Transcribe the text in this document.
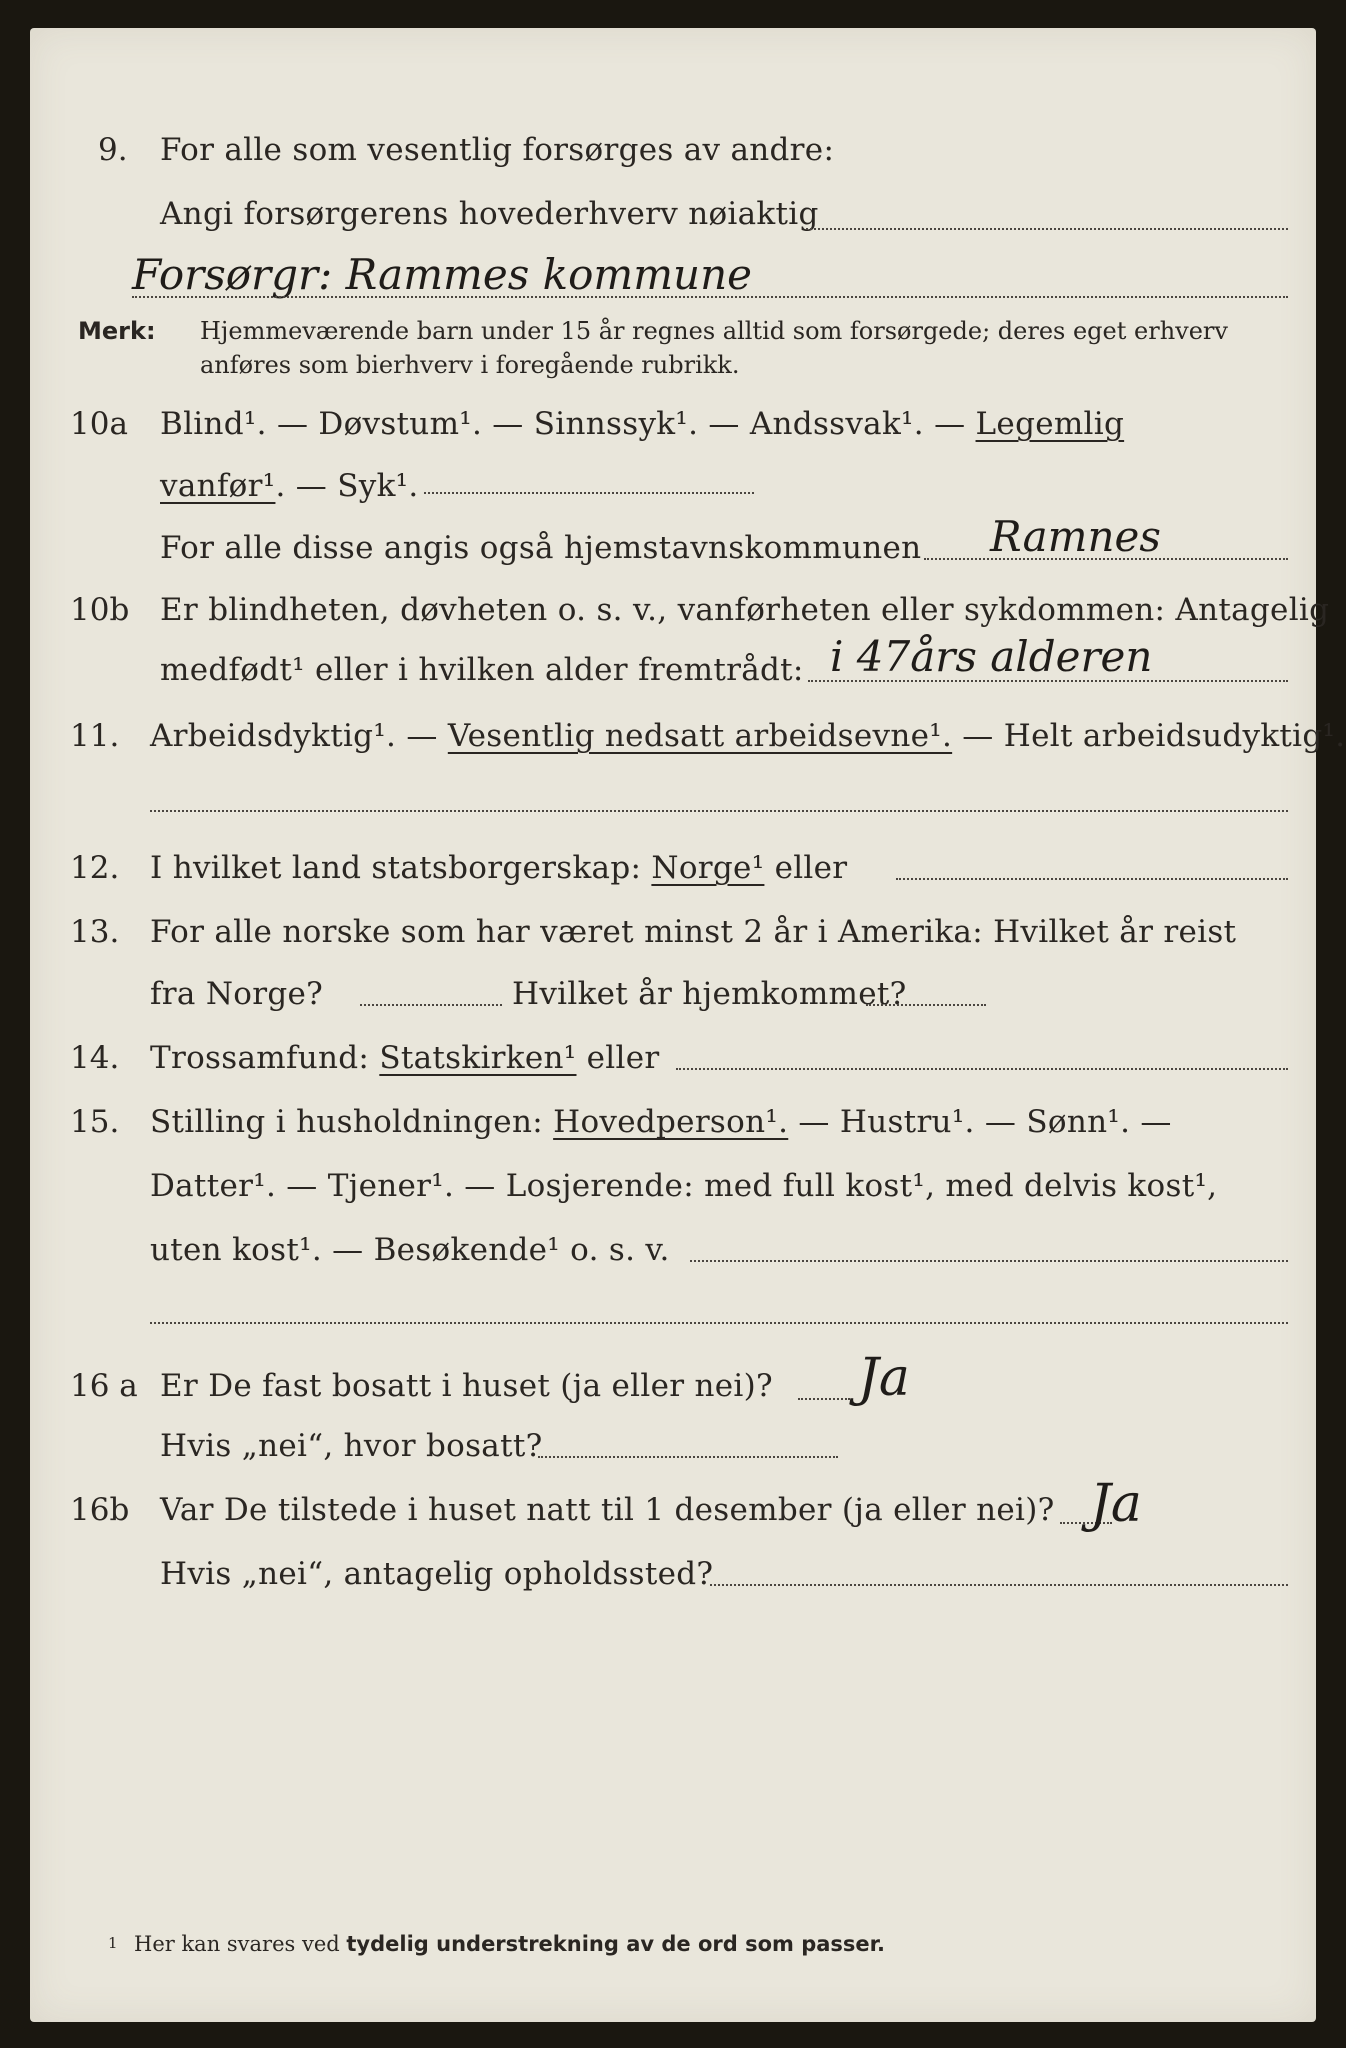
9. For alle som vesentlig forsørges av andre:
Angi forsørgerens hovederhverv nøiaktig
Forsørgr: Rammes kommune
Merk: Hjemmeværende barn under 15 år regnes alltid som forsørgede; deres eget erhverv
anføres som bierhverv i foregående rubrikk.
10a Blind¹. — Døvstum¹. — Sinnssyk¹. — Andssvak¹. — Legemlig
vanfør¹. — Syk¹.
For alle disse angis også hjemstavnskommunen Ramnes
10b Er blindheten, døvheten o. s. v., vanførheten eller sykdommen: Antagelig
medfødt¹ eller i hvilken alder fremtrådt: i 47års alderen
11. Arbeidsdyktig¹. — Vesentlig nedsatt arbeidsevne¹. — Helt arbeidsudyktig¹.
12. I hvilket land statsborgerskap: Norge¹ eller
13. For alle norske som har været minst 2 år i Amerika: Hvilket år reist
fra Norge?	Hvilket år hjemkommet?
14. Trossamfund: Statskirken¹ eller
15. Stilling i husholdningen: Hovedperson¹. — Hustru¹. — Sønn¹. —
Datter¹. — Tjener¹. — Losjerende: med full kost¹, med delvis kost¹,
uten kost¹. — Besøkende¹ o. s. v.
16 a Er De fast bosatt i huset (ja eller nei)? Ja
Hvis „nei“, hvor bosatt?
16b Var De tilstede i huset natt til 1 desember (ja eller nei)? Ja
Hvis „nei“, antagelig opholdssted?
1 Her kan svares ved tydelig understrekning av de ord som passer.
